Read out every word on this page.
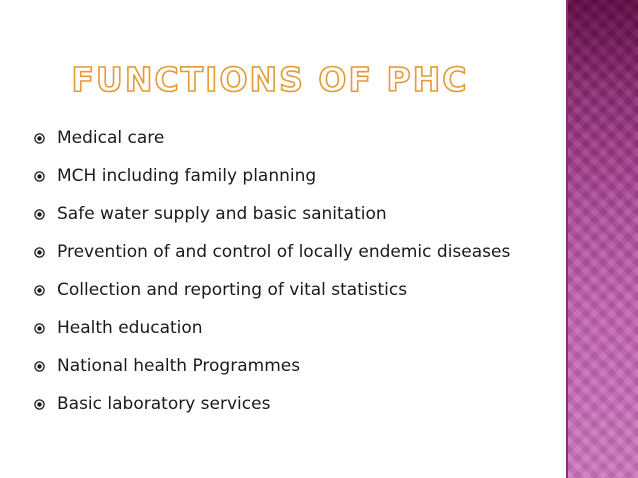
FUNCTIONS OF PHC
Medical care
MCH including family planning
Safe water supply and basic sanitation
Prevention of and control of locally endemic diseases
Collection and reporting of vital statistics
Health education
National health Programmes
Basic laboratory services
